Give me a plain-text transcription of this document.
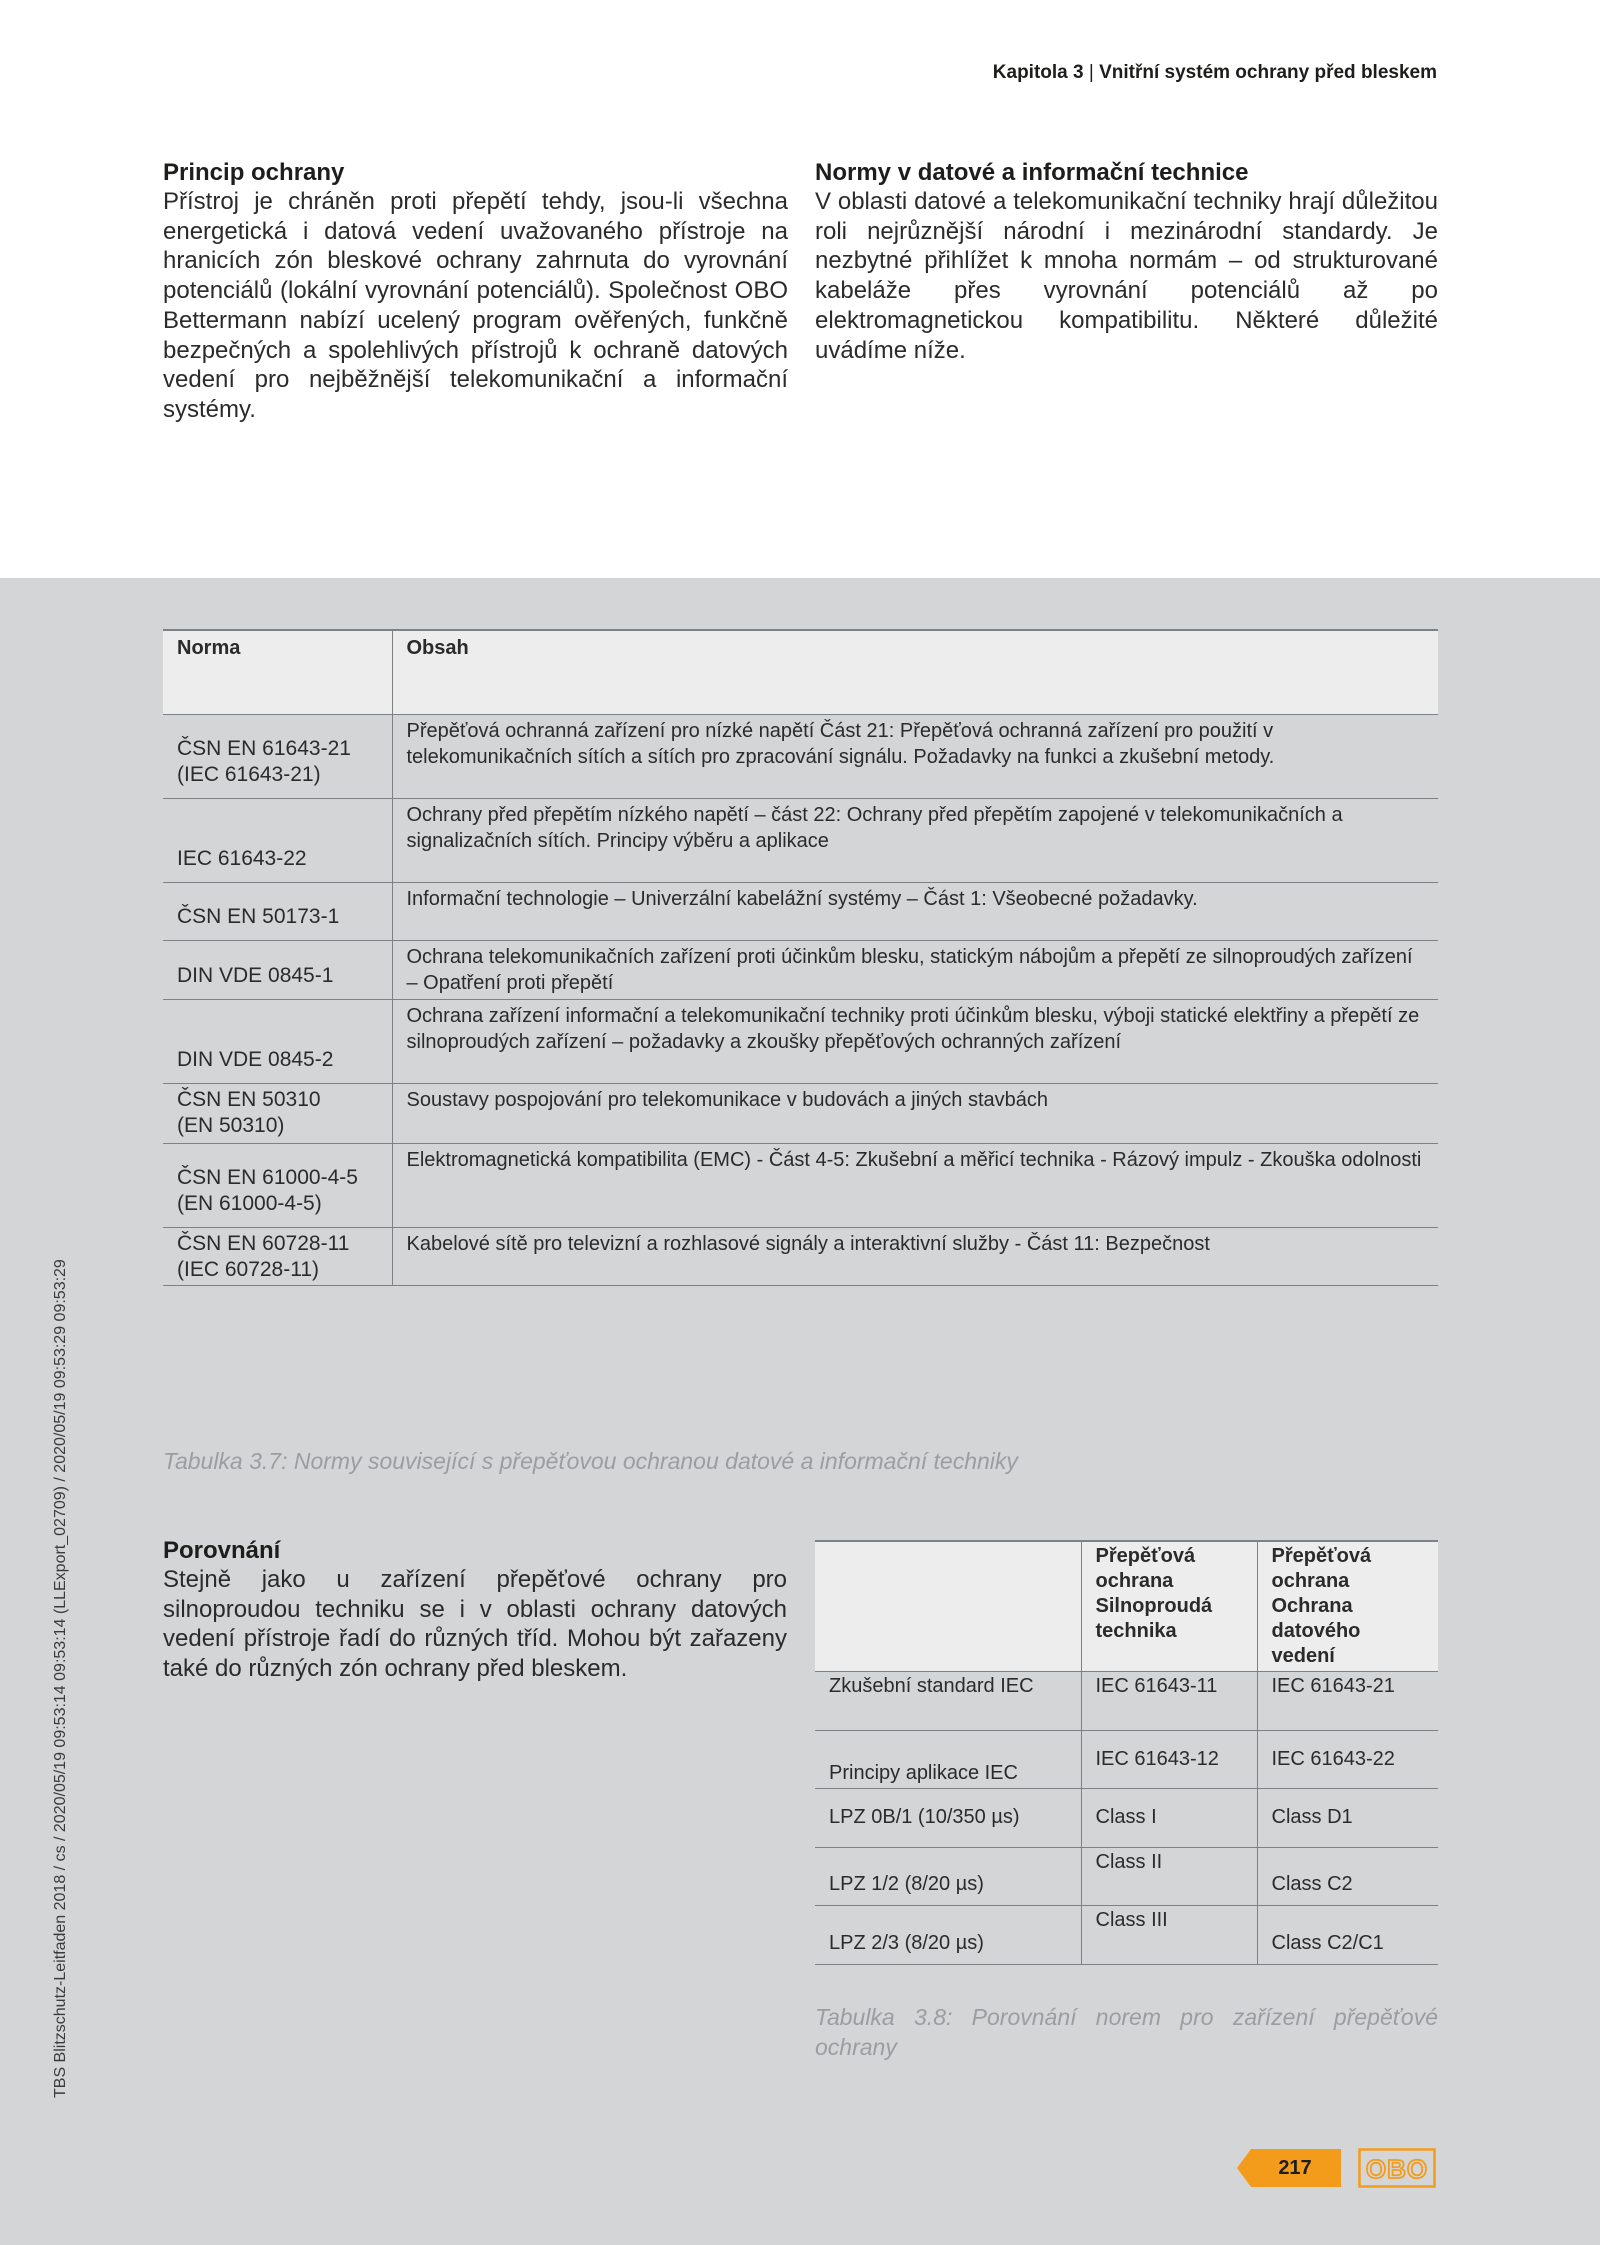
Kapitola 3 | Vnitřní systém ochrany před bleskem
Princip ochrany

Přístroj je chráněn proti přepětí tehdy, jsou-li všechna energetická i datová vedení uvažovaného přístroje na hranicích zón bleskové ochrany zahrnuta do vyrovnání potenciálů (lokální vyrovnání potenciálů). Společnost OBO Bettermann nabízí ucelený program ověřených, funkčně bezpečných a spolehlivých přístrojů k ochraně datových vedení pro nejběžnější telekomunikační a informační systémy.

Normy v datové a informační technice

V oblasti datové a telekomunikační techniky hrají důležitou roli nejrůznější národní i mezinárodní standardy. Je nezbytné přihlížet k mnoha normám – od strukturované kabeláže přes vyrovnání potenciálů až po elektromagnetickou kompatibilitu. Některé důležité uvádíme níže.

Norma	Obsah
ČSN EN 61643-21
(IEC 61643-21)	Přepěťová ochranná zařízení pro nízké napětí Část 21: Přepěťová ochranná zařízení pro použití v telekomunikačních sítích a sítích pro zpracování signálu. Požadavky na funkci a zkušební metody.
IEC 61643-22	Ochrany před přepětím nízkého napětí – část 22: Ochrany před přepětím zapojené v telekomunikačních a signalizačních sítích. Principy výběru a aplikace
ČSN EN 50173-1	Informační technologie – Univerzální kabelážní systémy – Část 1: Všeobecné požadavky.
DIN VDE 0845-1	Ochrana telekomunikačních zařízení proti účinkům blesku, statickým nábojům a přepětí ze silnoproudých zařízení – Opatření proti přepětí
DIN VDE 0845-2	Ochrana zařízení informační a telekomunikační techniky proti účinkům blesku, výboji statické elektřiny a přepětí ze silnoproudých zařízení – požadavky a zkoušky přepěťových ochranných zařízení
ČSN EN 50310
(EN 50310)	Soustavy pospojování pro telekomunikace v budovách a jiných stavbách
ČSN EN 61000-4-5
(EN 61000-4-5)	Elektromagnetická kompatibilita (EMC) - Část 4-5: Zkušební a měřicí technika - Rázový impulz - Zkouška odolnosti
ČSN EN 60728-11
(IEC 60728-11)	Kabelové sítě pro televizní a rozhlasové signály a interaktivní služby - Část 11: Bezpečnost
Tabulka 3.7: Normy související s přepěťovou ochranou datové a informační techniky
Porovnání

Stejně jako u zařízení přepěťové ochrany pro silnoproudou techniku se i v oblasti ochrany datových vedení přístroje řadí do různých tříd. Mohou být zařazeny také do různých zón ochrany před bleskem.

	Přepěťová ochrana Silnoproudá technika	Přepěťová ochrana Ochrana datového vedení
Zkušební standard IEC	IEC 61643-11	IEC 61643-21
Principy aplikace IEC	IEC 61643-12	IEC 61643-22
LPZ 0B/1 (10/350 µs)	Class I	Class D1
LPZ 1/2 (8/20 µs)	Class II	Class C2
LPZ 2/3 (8/20 µs)	Class III	Class C2/C1
Tabulka 3.8: Porovnání norem pro zařízení přepěťové ochrany
TBS Blitzschutz-Leitfaden 2018 / cs / 2020/05/19 09:53:14 09:53:14 (LLExport_02709) / 2020/05/19 09:53:29 09:53:29
217	OBO
